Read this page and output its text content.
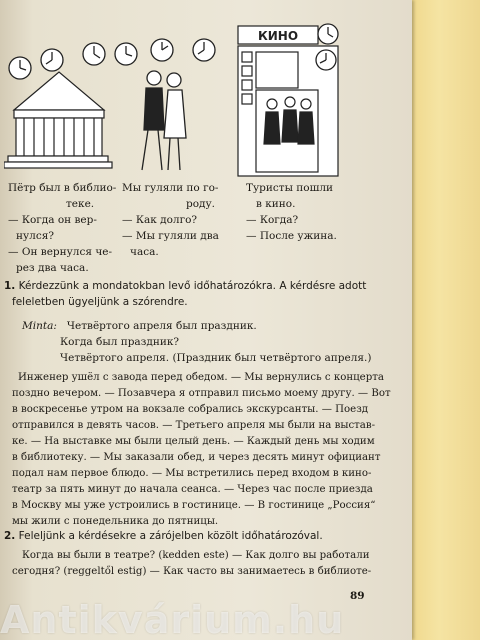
КИНО
Пётр был в библио-
теке.
— Когда он вер-
нулся?
— Он вернулся че-
рез два часа.
Мы гуляли по го-
роду.
— Как долго?
— Мы гуляли два
часа.
Туристы пошли
в кино.
— Когда?
— После ужина.
1. Kérdezzünk a mondatokban levő időhatározókra. A kérdésre adott
feleletben ügyeljünk a szórendre.
Minta: Четвёртого апреля был праздник.
Когда был праздник?
Четвёртого апреля. (Праздник был четвёртого апреля.)
Инженер ушёл с завода перед обедом. — Мы вернулись с концерта
поздно вечером. — Позавчера я отправил письмо моему другу. — Вот
в воскресенье утром на вокзале собрались экскурсанты. — Поезд
отправился в девять часов. — Третьего апреля мы были на выстав-
ке. — На выставке мы были целый день. — Каждый день мы ходим
в библиотеку. — Мы заказали обед, и через десять минут официант
подал нам первое блюдо. — Мы встретились перед входом в кино-
театр за пять минут до начала сеанса. — Через час после приезда
в Москву мы уже устроились в гостинице. — В гостинице „Россия“
мы жили с понедельника до пятницы.
2. Feleljünk a kérdésekre a zárójelben közölt időhatározóval.
Когда вы были в театре? (kedden este) — Как долго вы работали
сегодня? (reggeltől estig) — Как часто вы занимаетесь в библиоте-
89
Antikvárium.hu
